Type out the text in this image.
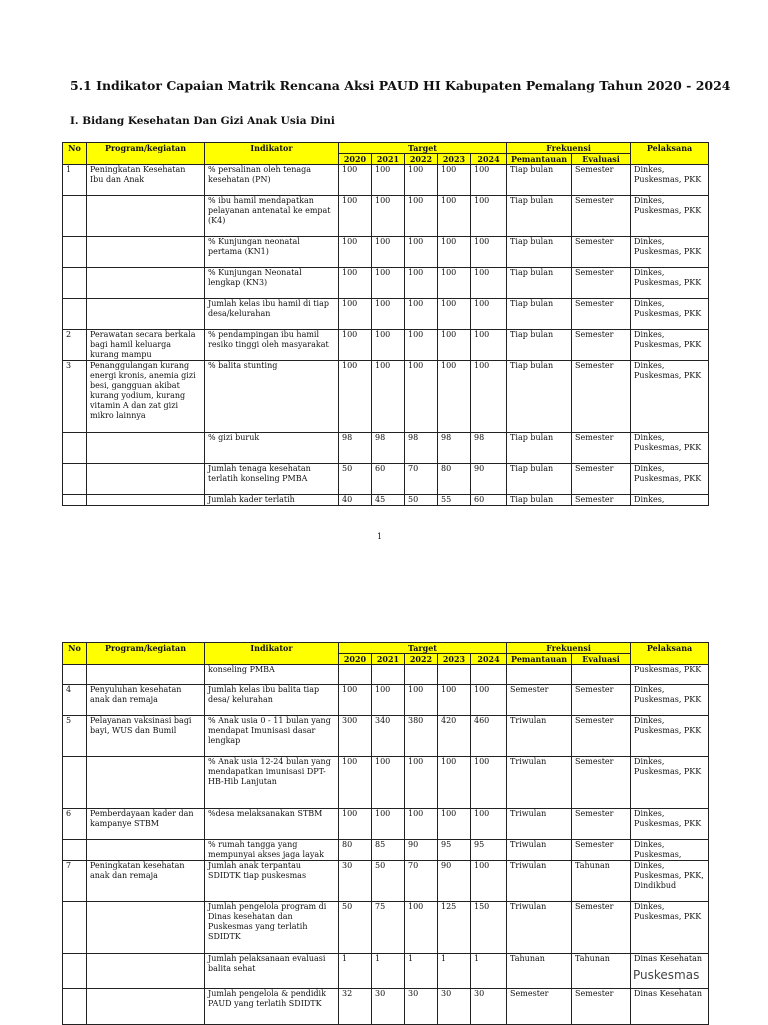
5.1 Indikator Capaian Matrik Rencana Aksi PAUD HI Kabupaten Pemalang Tahun 2020 - 2024
I. Bidang Kesehatan Dan Gizi Anak Usia Dini
No	Program/kegiatan	Indikator	Target					Frekuensi		Pelaksana
			2020	2021	2022	2023	2024	Pemantauan	Evaluasi	
1	Peningkatan Kesehatan Ibu dan Anak	% persalinan oleh tenaga kesehatan (PN)	100	100	100	100	100	Tiap bulan	Semester	Dinkes, Puskesmas, PKK
		% ibu hamil mendapatkan pelayanan antenatal ke empat (K4)	100	100	100	100	100	Tiap bulan	Semester	Dinkes, Puskesmas, PKK
		% Kunjungan neonatal pertama (KN1)	100	100	100	100	100	Tiap bulan	Semester	Dinkes, Puskesmas, PKK
		% Kunjungan Neonatal lengkap (KN3)	100	100	100	100	100	Tiap bulan	Semester	Dinkes, Puskesmas, PKK
		Jumlah kelas ibu hamil di tiap desa/kelurahan	100	100	100	100	100	Tiap bulan	Semester	Dinkes, Puskesmas, PKK
2	Perawatan secara berkala bagi hamil keluarga kurang mampu	% pendampingan ibu hamil resiko tinggi oleh masyarakat	100	100	100	100	100	Tiap bulan	Semester	Dinkes, Puskesmas, PKK
3	Penanggulangan kurang energi kronis, anemia gizi besi, gangguan akibat kurang yodium, kurang vitamin A dan zat gizi mikro lainnya	% balita stunting	100	100	100	100	100	Tiap bulan	Semester	Dinkes, Puskesmas, PKK
		% gizi buruk	98	98	98	98	98	Tiap bulan	Semester	Dinkes, Puskesmas, PKK
		Jumlah tenaga kesehatan terlatih konseling PMBA	50	60	70	80	90	Tiap bulan	Semester	Dinkes, Puskesmas, PKK
		Jumlah kader terlatih	40	45	50	55	60	Tiap bulan	Semester	Dinkes,
1
No	Program/kegiatan	Indikator	Target					Frekuensi		Pelaksana
			2020	2021	2022	2023	2024	Pemantauan	Evaluasi	
		konseling PMBA								Puskesmas, PKK
4	Penyuluhan kesehatan anak dan remaja	Jumlah kelas ibu balita tiap desa/ kelurahan	100	100	100	100	100	Semester	Semester	Dinkes, Puskesmas, PKK
5	Pelayanan vaksinasi bagi bayi, WUS dan Bumil	% Anak usia 0 - 11 bulan yang mendapat Imunisasi dasar lengkap	300	340	380	420	460	Triwulan	Semester	Dinkes, Puskesmas, PKK
		% Anak usia 12-24 bulan yang mendapatkan imunisasi DPT-HB-Hib Lanjutan	100	100	100	100	100	Triwulan	Semester	Dinkes, Puskesmas, PKK
6	Pemberdayaan kader dan kampanye STBM	%desa melaksanakan STBM	100	100	100	100	100	Triwulan	Semester	Dinkes, Puskesmas, PKK
		% rumah tangga yang mempunyai akses jaga layak	80	85	90	95	95	Triwulan	Semester	Dinkes, Puskesmas,
7	Peningkatan kesehatan anak dan remaja	Jumlah anak terpantau SDIDTK tiap puskesmas	30	50	70	90	100	Triwulan	Tahunan	Dinkes, Puskesmas, PKK, Dindikbud
		Jumlah pengelola program di Dinas kesehatan dan Puskesmas yang terlatih SDIDTK	50	75	100	125	150	Triwulan	Semester	Dinkes, Puskesmas, PKK
		Jumlah pelaksanaan evaluasi balita sehat	1	1	1	1	1	Tahunan	Tahunan	Dinas Kesehatan
		Jumlah pengelola & pendidik PAUD yang terlatih SDIDTK	32	30	30	30	30	Semester	Semester	Dinas Kesehatan
Puskesmas
